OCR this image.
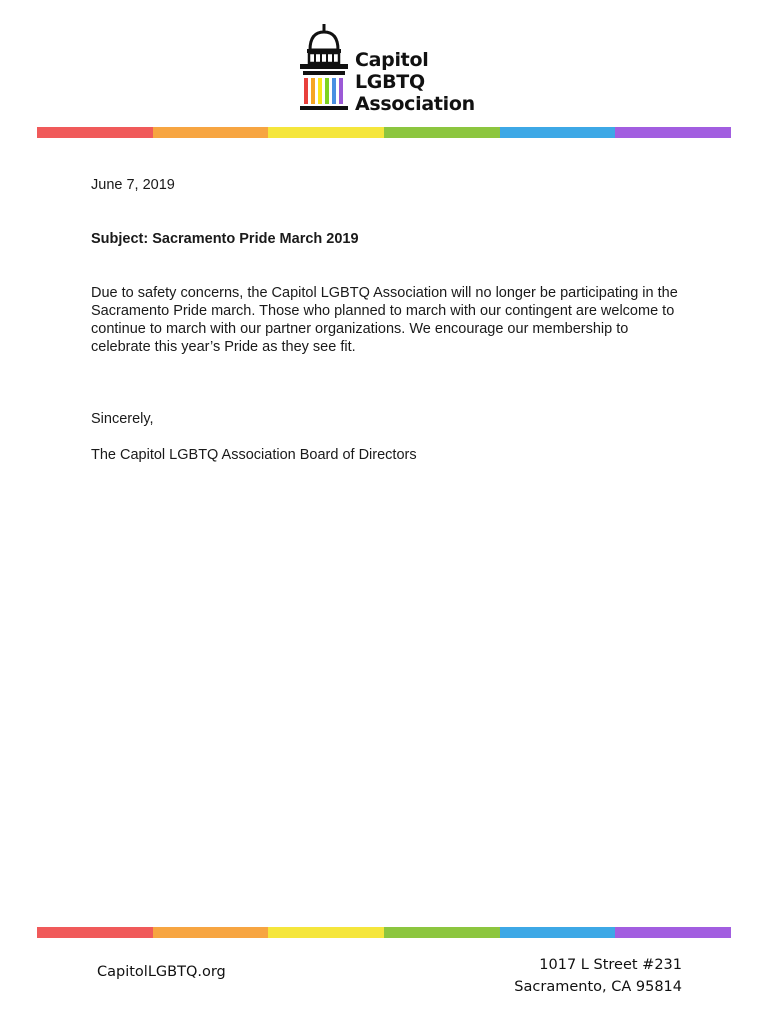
Capitol
LGBTQ
Association

June 7, 2019

Subject: Sacramento Pride March 2019

Due to safety concerns, the Capitol LGBTQ Association will no longer be participating in the Sacramento Pride march. Those who planned to march with our contingent are welcome to continue to march with our partner organizations. We encourage our membership to celebrate this year’s Pride as they see fit.

Sincerely,

The Capitol LGBTQ Association Board of Directors

CapitolLGBTQ.org	1017 L Street #231
Sacramento, CA 95814
